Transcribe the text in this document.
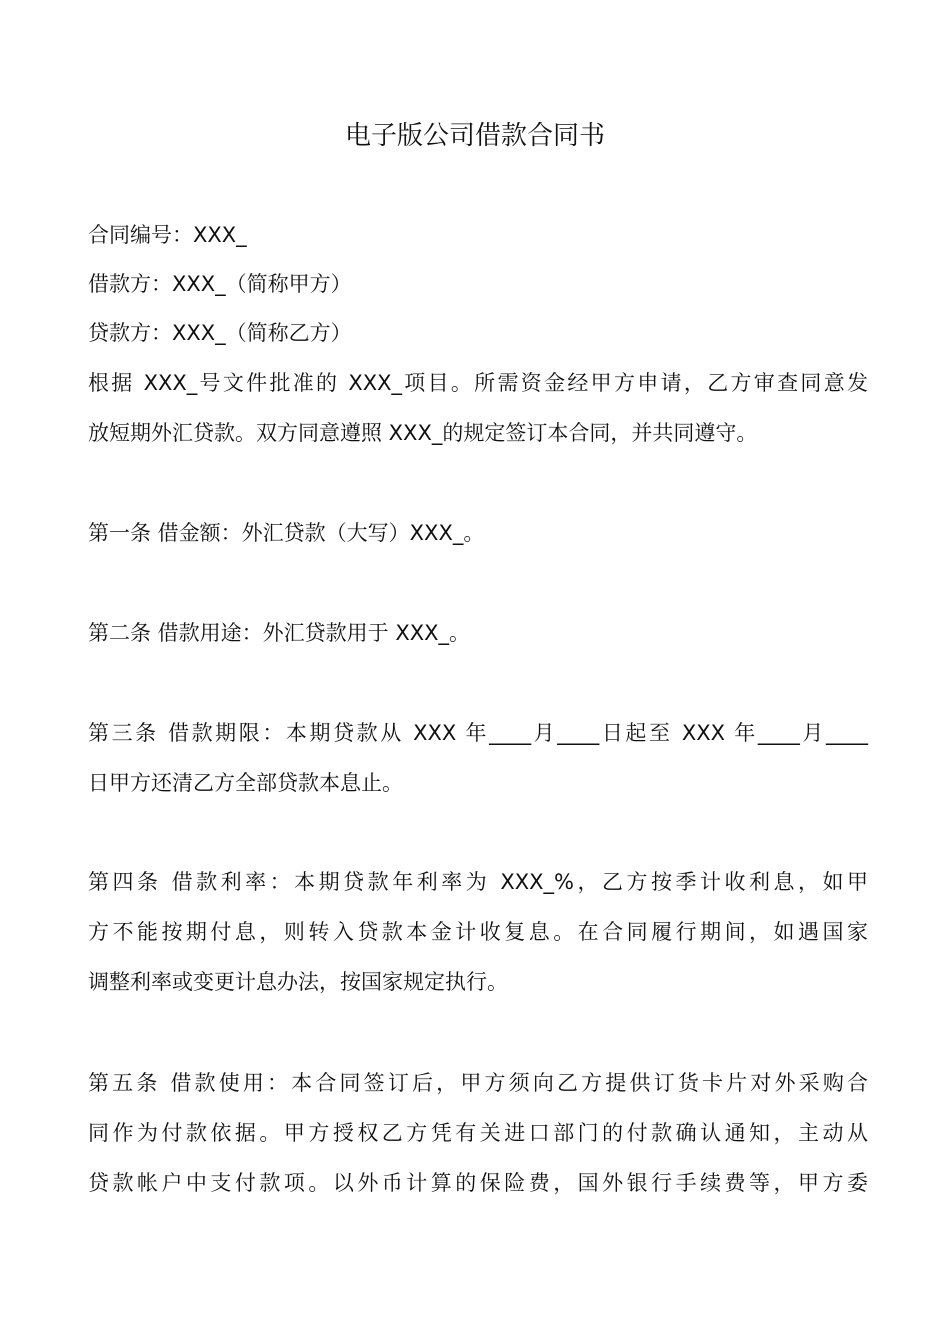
电子版公司借款合同书
合同编号：XXX_
借款方：XXX_（简称甲方）
贷款方：XXX_（简称乙方）
根据 XXX_号文件批准的 XXX_项目。所需资金经甲方申请，乙方审查同意发
放短期外汇贷款。双方同意遵照 XXX_的规定签订本合同，并共同遵守。
第一条 借金额：外汇贷款（大写）XXX_。
第二条 借款用途：外汇贷款用于 XXX_。
第三条 借款期限：本期贷款从 XXX 年____月____日起至 XXX 年____月____
日甲方还清乙方全部贷款本息止。
第四条 借款利率：本期贷款年利率为 XXX_%，乙方按季计收利息，如甲
方不能按期付息，则转入贷款本金计收复息。在合同履行期间，如遇国家
调整利率或变更计息办法，按国家规定执行。
第五条 借款使用：本合同签订后，甲方须向乙方提供订货卡片对外采购合
同作为付款依据。甲方授权乙方凭有关进口部门的付款确认通知，主动从
贷款帐户中支付款项。以外币计算的保险费，国外银行手续费等，甲方委
